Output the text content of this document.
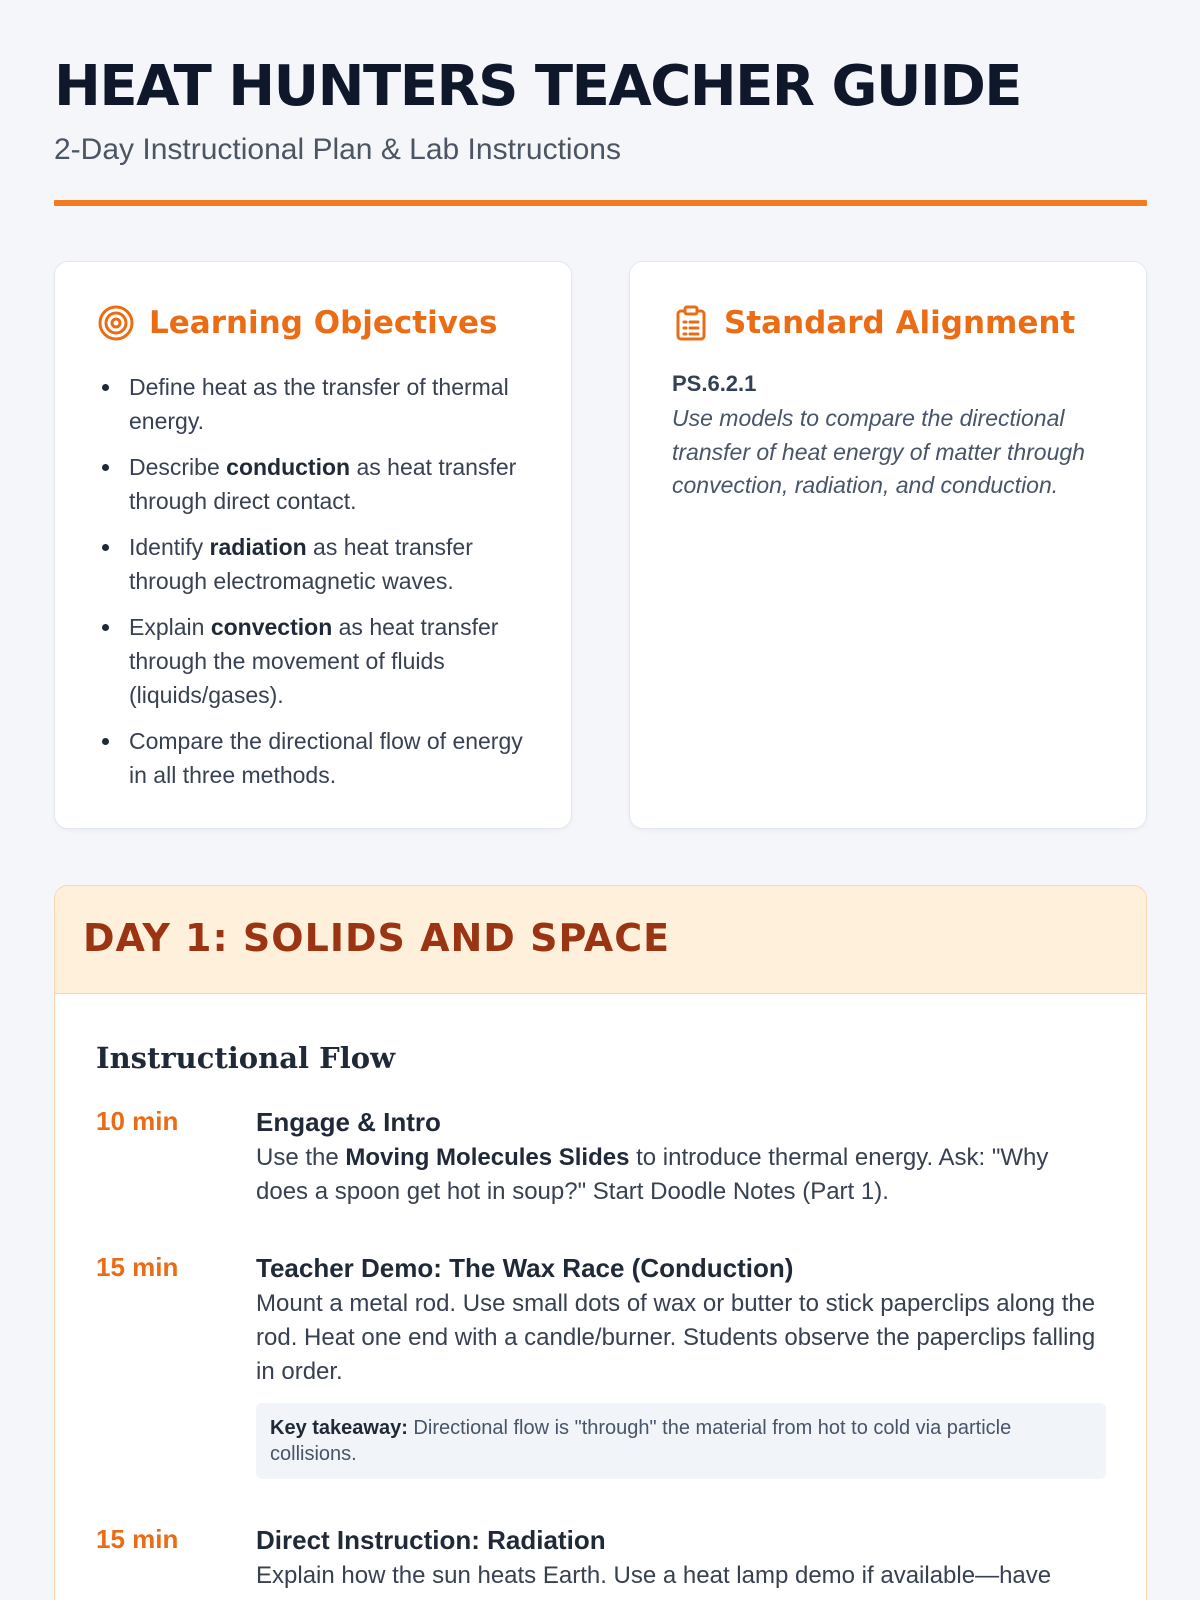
HEAT HUNTERS TEACHER GUIDE
2-Day Instructional Plan & Lab Instructions
Learning Objectives
Define heat as the transfer of thermal energy.
Describe conduction as heat transfer through direct contact.
Identify radiation as heat transfer through electromagnetic waves.
Explain convection as heat transfer through the movement of fluids (liquids/gases).
Compare the directional flow of energy in all three methods.
Standard Alignment
PS.6.2.1
Use models to compare the directional transfer of heat energy of matter through convection, radiation, and conduction.
DAY 1: SOLIDS AND SPACE
Instructional Flow
10 min	Engage & Intro
Use the Moving Molecules Slides to introduce thermal energy. Ask: "Why does a spoon get hot in soup?" Start Doodle Notes (Part 1).
15 min	Teacher Demo: The Wax Race (Conduction)
Mount a metal rod. Use small dots of wax or butter to stick paperclips along the rod. Heat one end with a candle/burner. Students observe the paperclips falling in order.
Key takeaway: Directional flow is "through" the material from hot to cold via particle collisions.
15 min	Direct Instruction: Radiation
Explain how the sun heats Earth. Use a heat lamp demo if available—have
